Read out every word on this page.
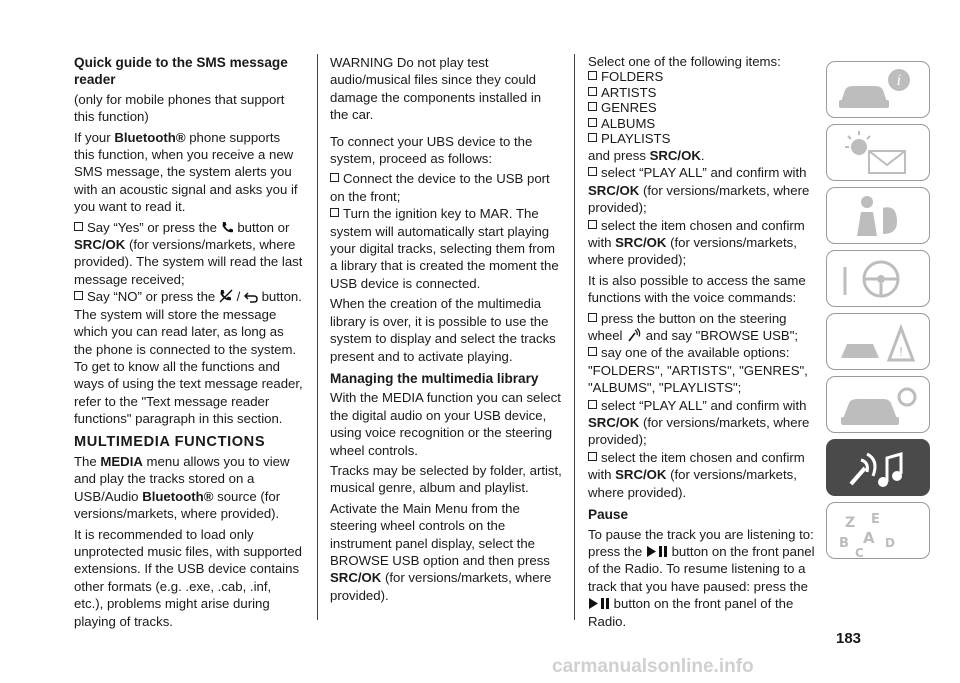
Quick guide to the SMS message reader

(only for mobile phones that support this function)

If your Bluetooth® phone supports this function, when you receive a new SMS message, the system alerts you with an acoustic signal and asks you if you want to read it.

Say “Yes” or press the  button or SRC/OK (for versions/markets, where provided). The system will read the last message received;

Say “NO” or press the  /  button. The system will store the message which you can read later, as long as the phone is connected to the system. To get to know all the functions and ways of using the text message reader, refer to the "Text message reader functions" paragraph in this section.

MULTIMEDIA FUNCTIONS

The MEDIA menu allows you to view and play the tracks stored on a USB/Audio Bluetooth® source (for versions/markets, where provided).

It is recommended to load only unprotected music files, with supported extensions. If the USB device contains other formats (e.g. .exe, .cab, .inf, etc.), problems might arise during playing of tracks.

WARNING Do not play test audio/musical files since they could damage the components installed in the car.

To connect your UBS device to the system, proceed as follows:

Connect the device to the USB port on the front;

Turn the ignition key to MAR. The system will automatically start playing your digital tracks, selecting them from a library that is created the moment the USB device is connected.

When the creation of the multimedia library is over, it is possible to use the system to display and select the tracks present and to activate playing.

Managing the multimedia library

With the MEDIA function you can select the digital audio on your USB device, using voice recognition or the steering wheel controls.

Tracks may be selected by folder, artist, musical genre, album and playlist.

Activate the Main Menu from the steering wheel controls on the instrument panel display, select the BROWSE USB option and then press SRC/OK (for versions/markets, where provided).

Select one of the following items:

FOLDERS
ARTISTS
GENRES
ALBUMS
PLAYLISTS

and press SRC/OK.

select “PLAY ALL” and confirm with SRC/OK (for versions/markets, where provided);

select the item chosen and confirm with SRC/OK (for versions/markets, where provided);

It is also possible to access the same functions with the voice commands:

press the button on the steering wheel  and say "BROWSE USB";

say one of the available options: "FOLDERS", "ARTISTS", "GENRES", "ALBUMS", "PLAYLISTS";

select “PLAY ALL” and confirm with SRC/OK (for versions/markets, where provided);

select the item chosen and confirm with SRC/OK (for versions/markets, where provided).

Pause

To pause the track you are listening to: press the  button on the front panel of the Radio. To resume listening to a track that you have paused: press the  button on the front panel of the Radio.

i
!
Z E
B A
C
D
183
carmanualsonline.info
